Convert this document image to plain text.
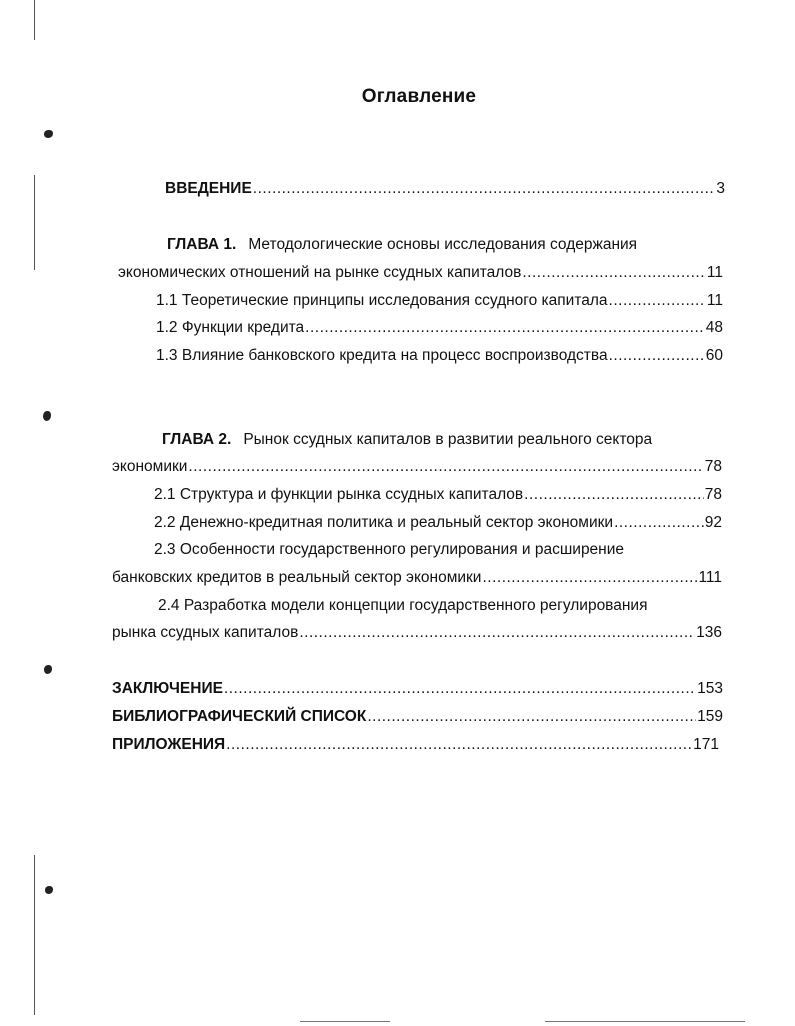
Оглавление
ВВЕДЕНИЕ .....	3
ГЛАВА 1. Методологические основы исследования содержания
экономических отношений на рынке ссудных капиталов .....	11
1.1 Теоретические принципы исследования ссудного капитала .....	11
1.2 Функции кредита .....	48
1.3 Влияние банковского кредита на процесс воспроизводства .....	60
ГЛАВА 2. Рынок ссудных капиталов в развитии реального сектора
экономики .....	78
2.1 Структура и функции рынка ссудных капиталов .....	78
2.2 Денежно-кредитная политика и реальный сектор экономики .....	92
2.3 Особенности государственного регулирования и расширение
банковских кредитов в реальный сектор экономики .....	111
2.4 Разработка модели концепции государственного регулирования
рынка ссудных капиталов .....	136
ЗАКЛЮЧЕНИЕ .....	153
БИБЛИОГРАФИЧЕСКИЙ СПИСОК .....	159
ПРИЛОЖЕНИЯ .....	171
